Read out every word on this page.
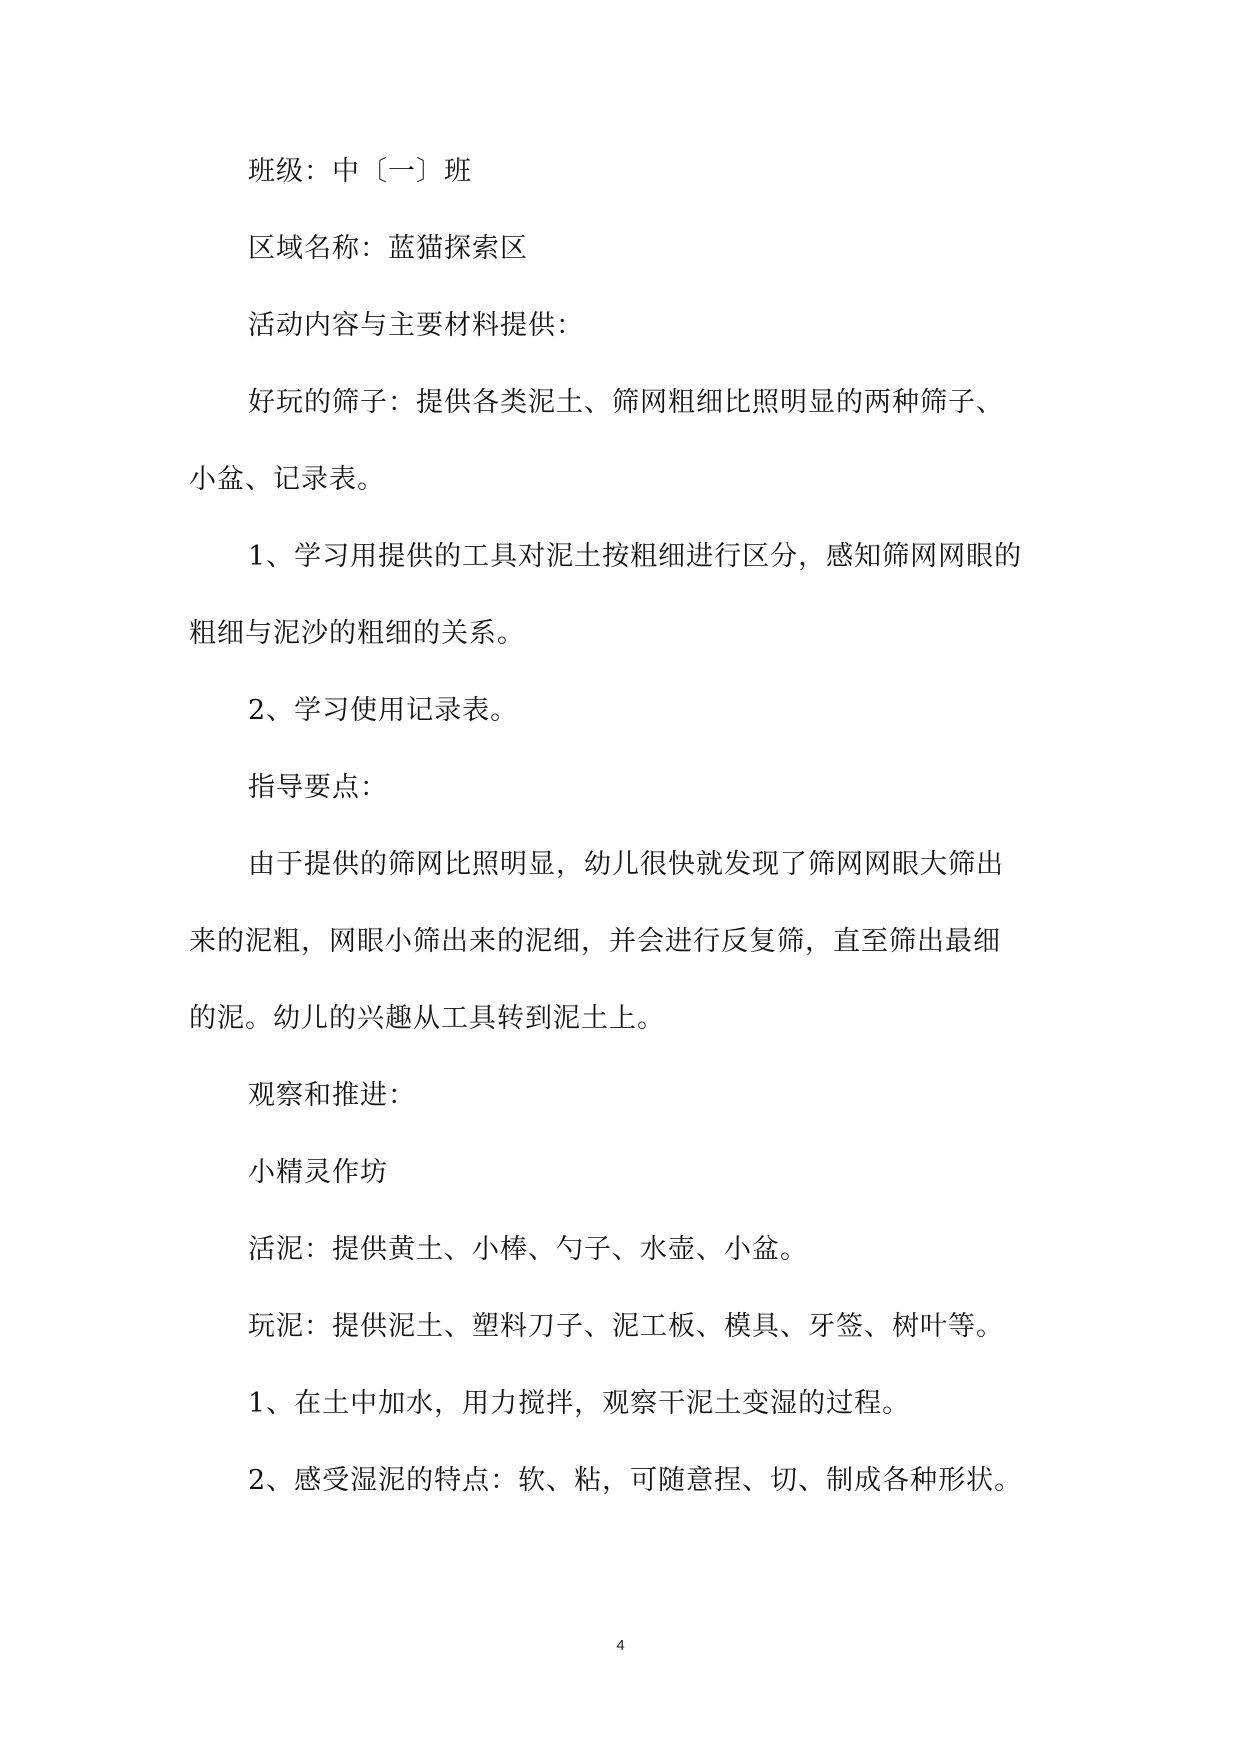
班级：中〔一〕班
区域名称：蓝猫探索区
活动内容与主要材料提供：
好玩的筛子：提供各类泥土、筛网粗细比照明显的两种筛子、
小盆、记录表。
1、学习用提供的工具对泥土按粗细进行区分，感知筛网网眼的
粗细与泥沙的粗细的关系。
2、学习使用记录表。
指导要点：
由于提供的筛网比照明显，幼儿很快就发现了筛网网眼大筛出
来的泥粗，网眼小筛出来的泥细，并会进行反复筛，直至筛出最细
的泥。幼儿的兴趣从工具转到泥土上。
观察和推进：
小精灵作坊
活泥：提供黄土、小棒、勺子、水壶、小盆。
玩泥：提供泥土、塑料刀子、泥工板、模具、牙签、树叶等。
1、在土中加水，用力搅拌，观察干泥土变湿的过程。
2、感受湿泥的特点：软、粘，可随意捏、切、制成各种形状。
4
